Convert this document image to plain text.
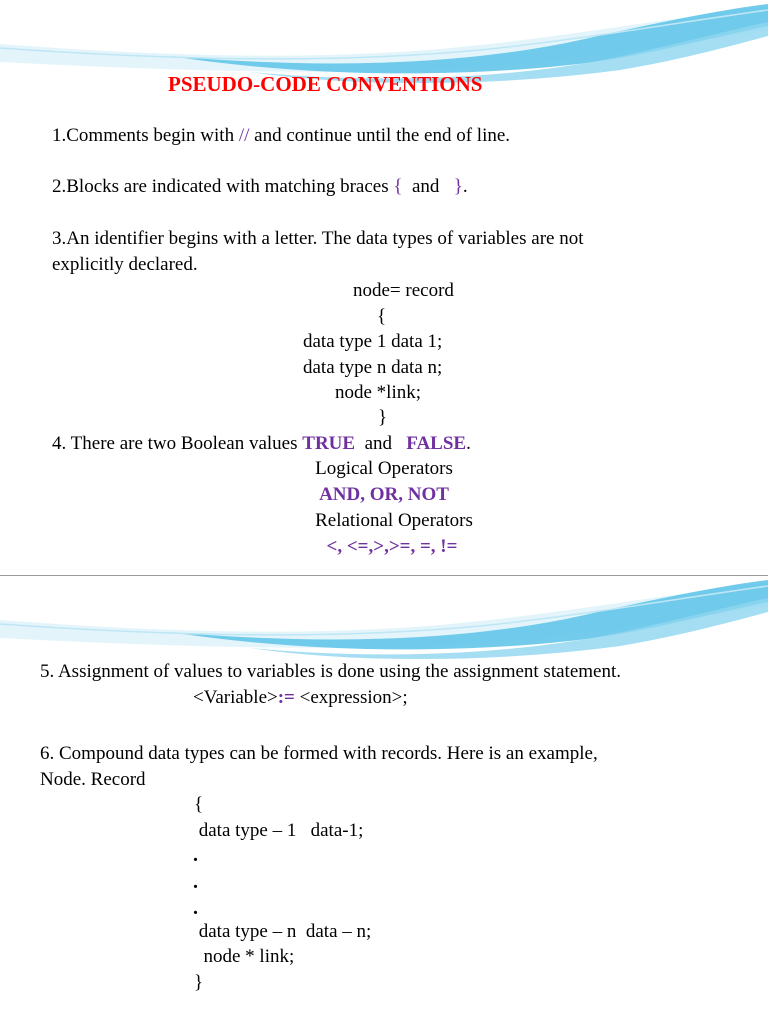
PSEUDO-CODE CONVENTIONS
1.Comments begin with // and continue until the end of line.
2.Blocks are indicated with matching braces {  and   }.
3.An identifier begins with a letter. The data types of variables are not
explicitly declared.
node= record
{
data type 1 data 1;
data type n data n;
node *link;
}
4. There are two Boolean values TRUE  and   FALSE.
Logical Operators
AND, OR, NOT
Relational Operators
<, <=,>,>=, =, !=
5. Assignment of values to variables is done using the assignment statement.
<Variable>:= <expression>;
6. Compound data types can be formed with records. Here is an example,
Node. Record
{
data type – 1   data-1;
.
.
.
data type – n  data – n;
node * link;
}
